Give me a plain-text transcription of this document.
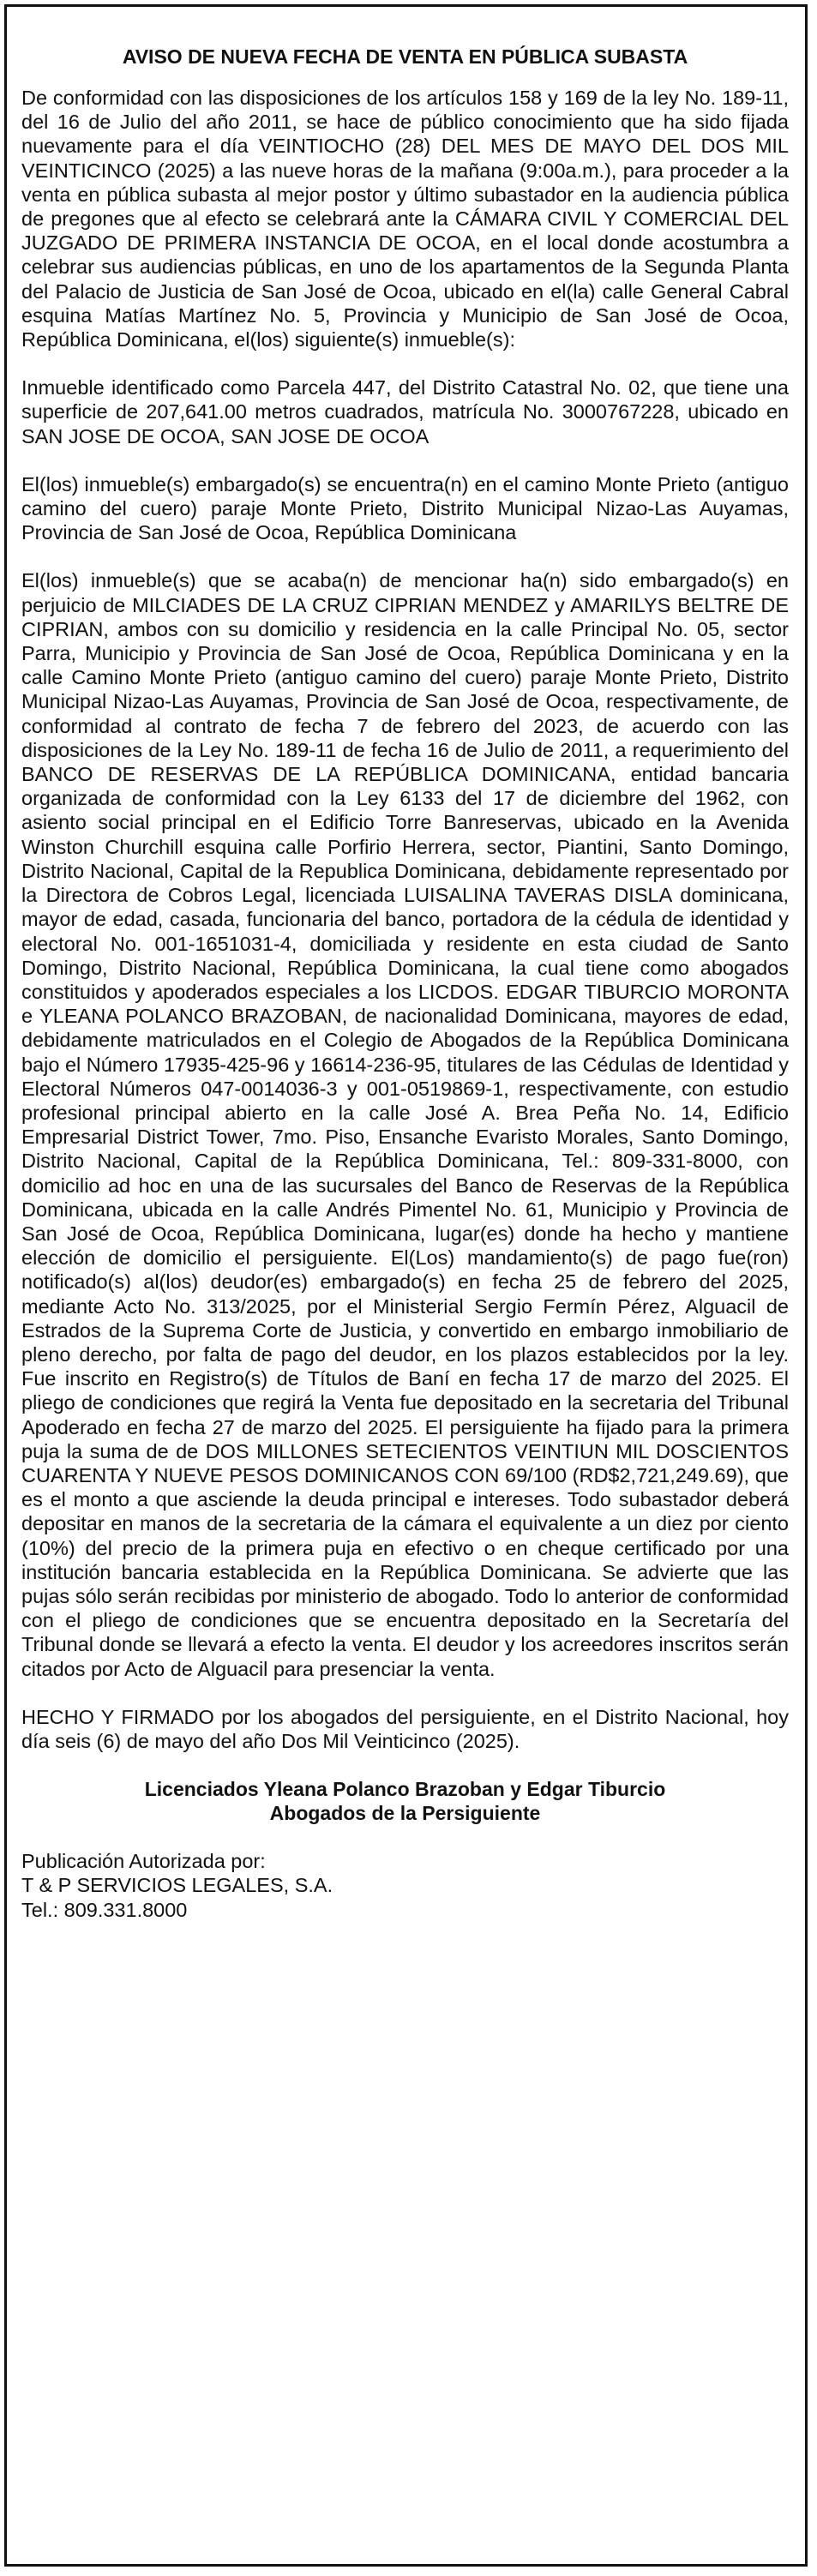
AVISO DE NUEVA FECHA DE VENTA EN PÚBLICA SUBASTA
De conformidad con las disposiciones de los artículos 158 y 169 de la ley No. 189-11, del 16 de Julio del año 2011, se hace de público conocimiento que ha sido fijada nuevamente para el día VEINTIOCHO (28) DEL MES DE MAYO DEL DOS MIL VEINTICINCO (2025) a las nueve horas de la mañana (9:00a.m.), para proceder a la venta en pública subasta al mejor postor y último subastador en la audiencia pública de pregones que al efecto se celebrará ante la CÁMARA CIVIL Y COMERCIAL DEL JUZGADO DE PRIMERA INSTANCIA DE OCOA, en el local donde acostumbra a celebrar sus audiencias públicas, en uno de los apartamentos de la Segunda Planta del Palacio de Justicia de San José de Ocoa, ubicado en el(la) calle General Cabral esquina Matías Martínez No. 5, Provincia y Municipio de San José de Ocoa, República Dominicana, el(los) siguiente(s) inmueble(s):
Inmueble identificado como Parcela 447, del Distrito Catastral No. 02, que tiene una superficie de 207,641.00 metros cuadrados, matrícula No. 3000767228, ubicado en SAN JOSE DE OCOA, SAN JOSE DE OCOA
El(los) inmueble(s) embargado(s) se encuentra(n) en el camino Monte Prieto (antiguo camino del cuero) paraje Monte Prieto, Distrito Municipal Nizao-Las Auyamas, Provincia de San José de Ocoa, República Dominicana
El(los) inmueble(s) que se acaba(n) de mencionar ha(n) sido embargado(s) en perjuicio de MILCIADES DE LA CRUZ CIPRIAN MENDEZ y AMARILYS BELTRE DE CIPRIAN, ambos con su domicilio y residencia en la calle Principal No. 05, sector Parra, Municipio y Provincia de San José de Ocoa, República Dominicana y en la calle Camino Monte Prieto (antiguo camino del cuero) paraje Monte Prieto, Distrito Municipal Nizao-Las Auyamas, Provincia de San José de Ocoa, respectivamente, de conformidad al contrato de fecha 7 de febrero del 2023, de acuerdo con las disposiciones de la Ley No. 189-11 de fecha 16 de Julio de 2011, a requerimiento del BANCO DE RESERVAS DE LA REPÚBLICA DOMINICANA, entidad bancaria organizada de conformidad con la Ley 6133 del 17 de diciembre del 1962, con asiento social principal en el Edificio Torre Banreservas, ubicado en la Avenida Winston Churchill esquina calle Porfirio Herrera, sector, Piantini, Santo Domingo, Distrito Nacional, Capital de la Republica Dominicana, debidamente representado por la Directora de Cobros Legal, licenciada LUISALINA TAVERAS DISLA dominicana, mayor de edad, casada, funcionaria del banco, portadora de la cédula de identidad y electoral No. 001-1651031-4, domiciliada y residente en esta ciudad de Santo Domingo, Distrito Nacional, República Dominicana, la cual tiene como abogados constituidos y apoderados especiales a los LICDOS. EDGAR TIBURCIO MORONTA e YLEANA POLANCO BRAZOBAN, de nacionalidad Dominicana, mayores de edad, debidamente matriculados en el Colegio de Abogados de la República Dominicana bajo el Número 17935-425-96 y 16614-236-95, titulares de las Cédulas de Identidad y Electoral Números 047-0014036-3 y 001-0519869-1, respectivamente, con estudio profesional principal abierto en la calle José A. Brea Peña No. 14, Edificio Empresarial District Tower, 7mo. Piso, Ensanche Evaristo Morales, Santo Domingo, Distrito Nacional, Capital de la República Dominicana, Tel.: 809-331-8000, con domicilio ad hoc en una de las sucursales del Banco de Reservas de la República Dominicana, ubicada en la calle Andrés Pimentel No. 61, Municipio y Provincia de San José de Ocoa, República Dominicana, lugar(es) donde ha hecho y mantiene elección de domicilio el persiguiente. El(Los) mandamiento(s) de pago fue(ron) notificado(s) al(los) deudor(es) embargado(s) en fecha 25 de febrero del 2025, mediante Acto No. 313/2025, por el Ministerial Sergio Fermín Pérez, Alguacil de Estrados de la Suprema Corte de Justicia, y convertido en embargo inmobiliario de pleno derecho, por falta de pago del deudor, en los plazos establecidos por la ley. Fue inscrito en Registro(s) de Títulos de Baní en fecha 17 de marzo del 2025. El pliego de condiciones que regirá la Venta fue depositado en la secretaria del Tribunal Apoderado en fecha 27 de marzo del 2025. El persiguiente ha fijado para la primera puja la suma de de DOS MILLONES SETECIENTOS VEINTIUN MIL DOSCIENTOS CUARENTA Y NUEVE PESOS DOMINICANOS CON 69/100 (RD$2,721,249.69), que es el monto a que asciende la deuda principal e intereses. Todo subastador deberá depositar en manos de la secretaria de la cámara el equivalente a un diez por ciento (10%) del precio de la primera puja en efectivo o en cheque certificado por una institución bancaria establecida en la República Dominicana. Se advierte que las pujas sólo serán recibidas por ministerio de abogado. Todo lo anterior de conformidad con el pliego de condiciones que se encuentra depositado en la Secretaría del Tribunal donde se llevará a efecto la venta. El deudor y los acreedores inscritos serán citados por Acto de Alguacil para presenciar la venta.
HECHO Y FIRMADO por los abogados del persiguiente, en el Distrito Nacional, hoy día seis (6) de mayo del año Dos Mil Veinticinco (2025).
Licenciados Yleana Polanco Brazoban y Edgar Tiburcio
Abogados de la Persiguiente
Publicación Autorizada por:
T & P SERVICIOS LEGALES, S.A.
Tel.: 809.331.8000
